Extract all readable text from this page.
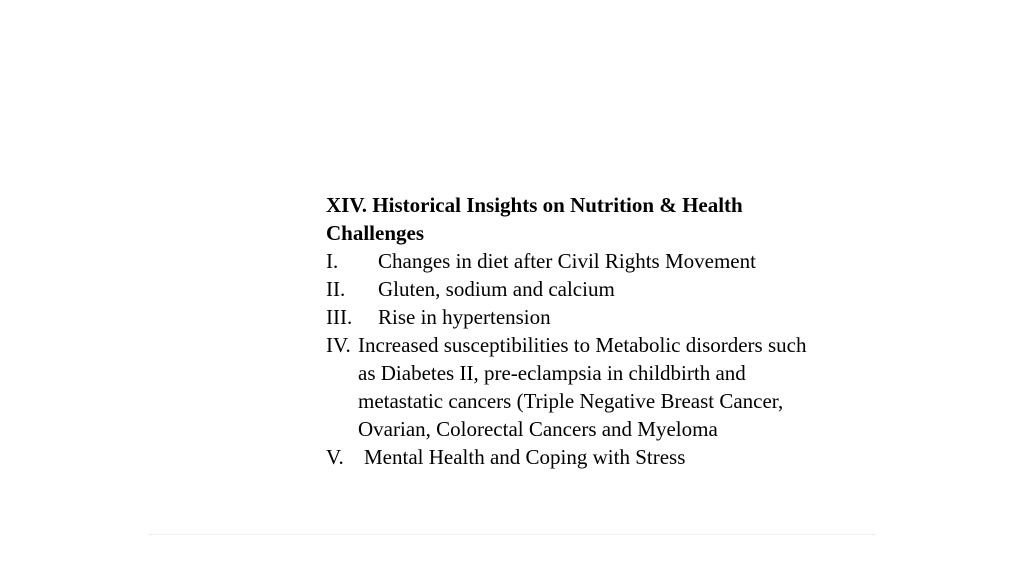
XIV. Historical Insights on Nutrition & Health Challenges

I.	Changes in diet after Civil Rights Movement
II.	Gluten, sodium and calcium
III.	Rise in hypertension
IV. Increased susceptibilities to Metabolic disorders such as Diabetes II, pre-eclampsia in childbirth and metastatic cancers (Triple Negative Breast Cancer, Ovarian, Colorectal Cancers and Myeloma
V. Mental Health and Coping with Stress
